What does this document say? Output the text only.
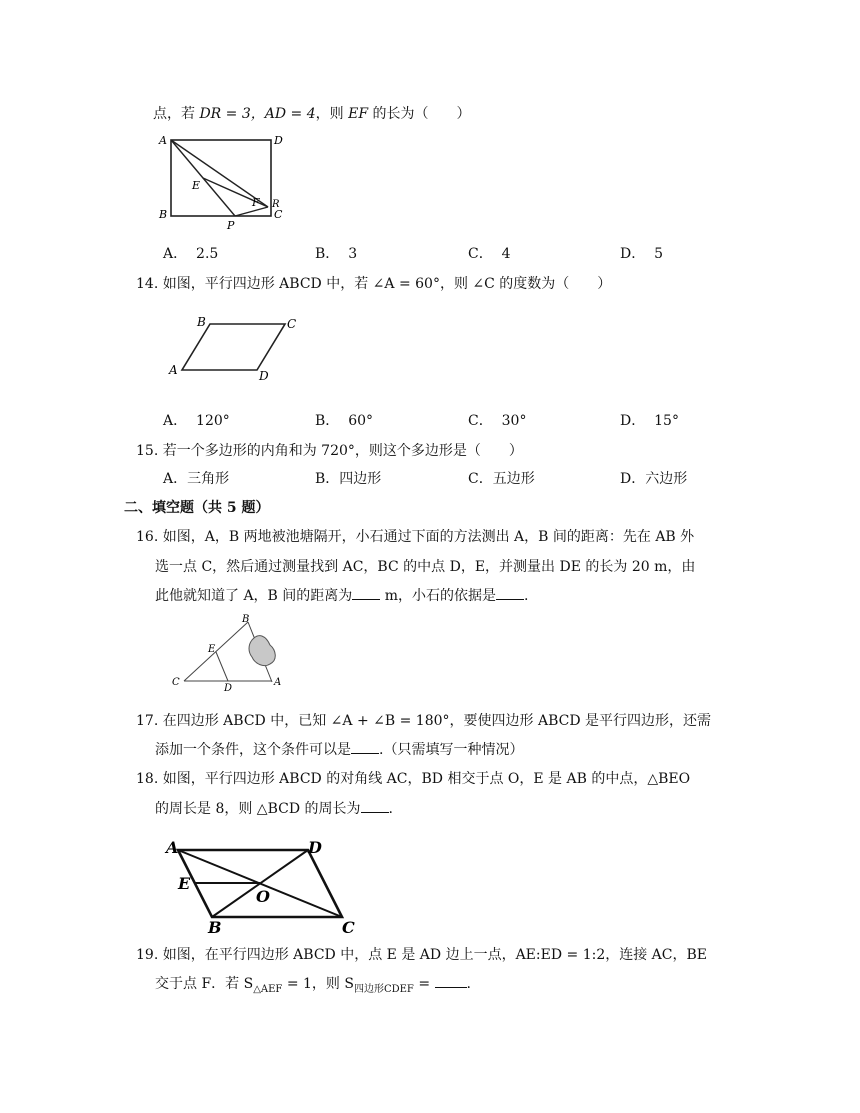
点，若 DR = 3，AD = 4，则 EF 的长为（　　）
A	D
E
F R
B
P
C
A． 2.5	B． 3	C． 4	D． 5
14. 如图，平行四边形 ABCD 中，若 ∠A = 60°，则 ∠C 的度数为（　　）
B	C
A	D
A． 120°	B． 60°	C． 30°	D． 15°
15. 若一个多边形的内角和为 720°，则这个多边形是（　　）
A．三角形	B．四边形	C．五边形	D．六边形
二、填空题（共 5 题）
16. 如图，A，B 两地被池塘隔开，小石通过下面的方法测出 A，B 间的距离：先在 AB 外
选一点 C，然后通过测量找到 AC，BC 的中点 D，E，并测量出 DE 的长为 20 m，由
此他就知道了 A，B 间的距离为 m，小石的依据是 .
B
E
C
D
A
17. 在四边形 ABCD 中，已知 ∠A + ∠B = 180°，要使四边形 ABCD 是平行四边形，还需
添加一个条件，这个条件可以是 .（只需填写一种情况）
18. 如图，平行四边形 ABCD 的对角线 AC，BD 相交于点 O，E 是 AB 的中点，△BEO
的周长是 8，则 △BCD 的周长为 .
A	D
E
O
B	C
19. 如图，在平行四边形 ABCD 中，点 E 是 AD 边上一点，AE:ED = 1:2，连接 AC，BE
交于点 F．若 $S_{\triangle AEF} = 1$，则 $S_{四边形CDEF}$ = .
